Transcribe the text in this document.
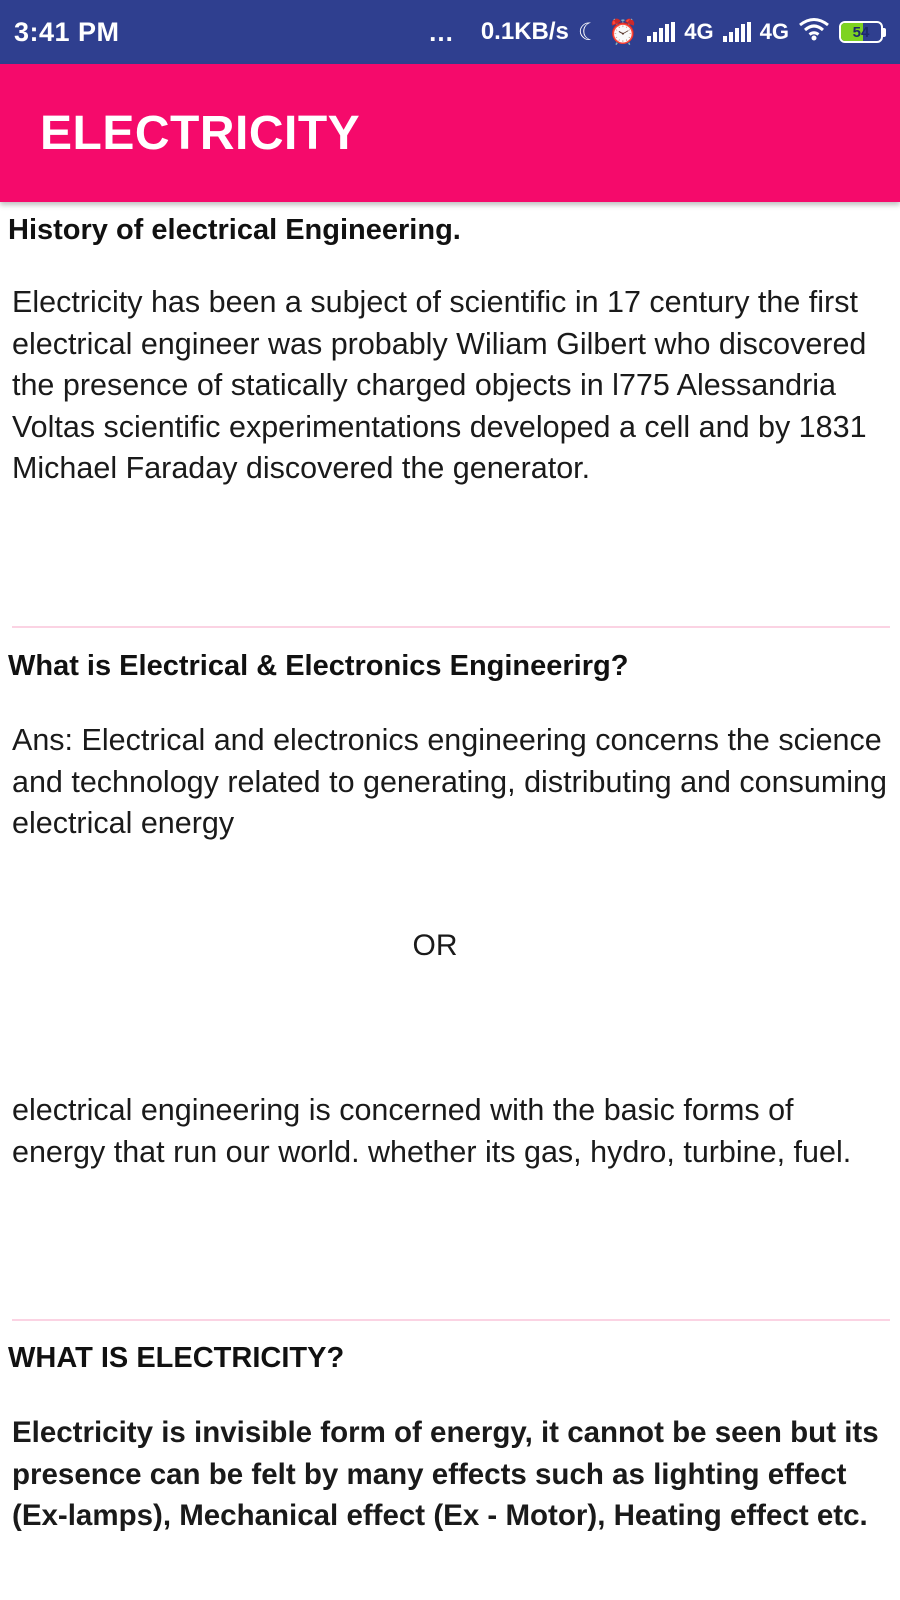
3:41 PM	... 0.1KB/s ☾ ⏰ 4G 4G	54
ELECTRICITY
History of electrical Engineering.
Electricity has been a subject of scientific in 17 century the first electrical engineer was probably Wiliam Gilbert who discovered the presence of statically charged objects in l775 Alessandria Voltas scientific experimentations developed a cell and by 1831 Michael Faraday discovered the generator.
What is Electrical & Electronics Engineerirg?
Ans: Electrical and electronics engineering concerns the science and technology related to generating, distributing and consuming electrical energy
OR
electrical engineering is concerned with the basic forms of energy that run our world. whether its gas, hydro, turbine, fuel.
WHAT IS ELECTRICITY?
Electricity is invisible form of energy, it cannot be seen but its presence can be felt by many effects such as lighting effect (Ex-lamps), Mechanical effect (Ex - Motor), Heating effect etc.
